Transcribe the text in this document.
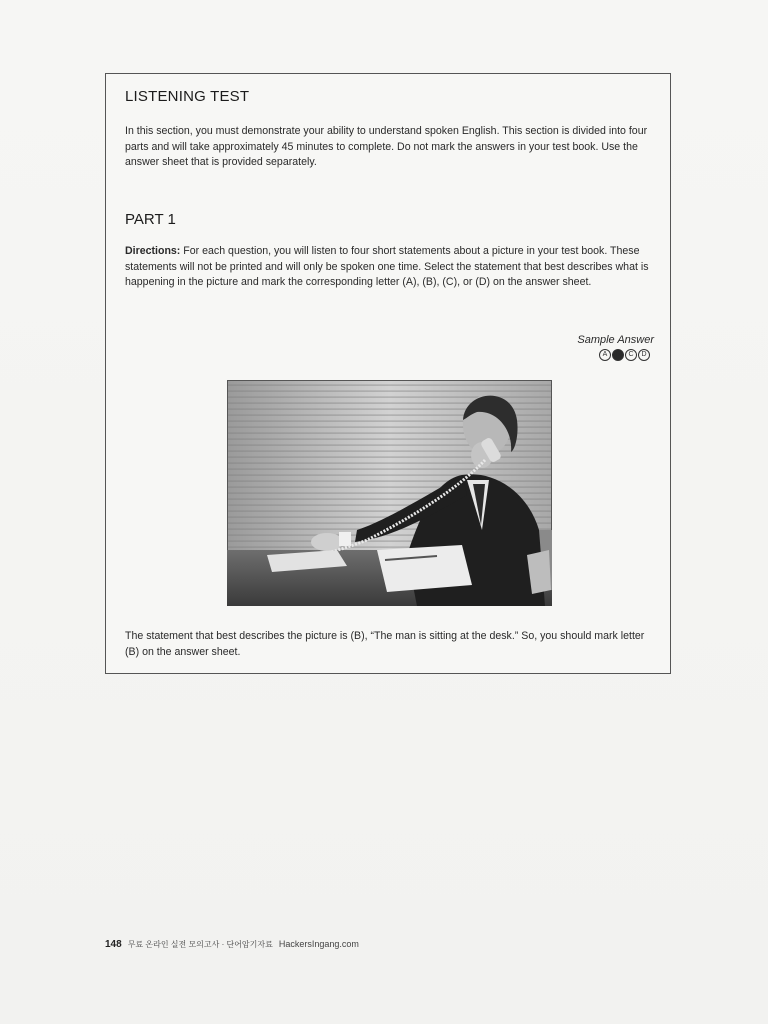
LISTENING TEST
In this section, you must demonstrate your ability to understand spoken English. This section is divided into four parts and will take approximately 45 minutes to complete. Do not mark the answers in your test book. Use the answer sheet that is provided separately.
PART 1
Directions: For each question, you will listen to four short statements about a picture in your test book. These statements will not be printed and will only be spoken one time. Select the statement that best describes what is happening in the picture and mark the corresponding letter (A), (B), (C), or (D) on the answer sheet.
Sample Answer
A	B	C	D
The statement that best describes the picture is (B), “The man is sitting at the desk.” So, you should mark letter (B) on the answer sheet.
148 무료 온라인 실전 모의고사 · 단어암기자료 HackersIngang.com
